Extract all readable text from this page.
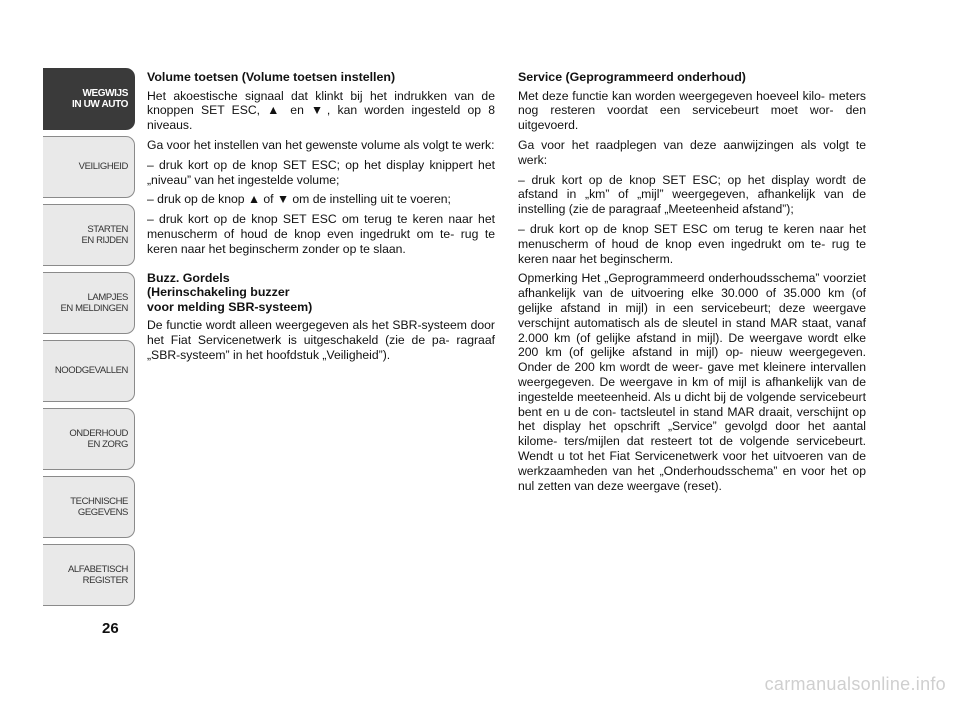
WEGWIJS
IN UW AUTO
VEILIGHEID
STARTEN
EN RIJDEN
LAMPJES
EN MELDINGEN
NOODGEVALLEN
ONDERHOUD
EN ZORG
TECHNISCHE
GEGEVENS
ALFABETISCH
REGISTER
26
Volume toetsen (Volume toetsen instellen)

Het akoestische signaal dat klinkt bij het indrukken van de knoppen SET ESC, ▲ en ▼, kan worden ingesteld op 8 niveaus.

Ga voor het instellen van het gewenste volume als volgt te werk:

– druk kort op de knop SET ESC; op het display knippert het „niveau” van het ingestelde volume;

– druk op de knop ▲ of ▼ om de instelling uit te voeren;

– druk kort op de knop SET ESC om terug te keren naar het menuscherm of houd de knop even ingedrukt om te- rug te keren naar het beginscherm zonder op te slaan.

Buzz. Gordels
(Herinschakeling buzzer
voor melding SBR-systeem)

De functie wordt alleen weergegeven als het SBR-systeem door het Fiat Servicenetwerk is uitgeschakeld (zie de pa- ragraaf „SBR-systeem” in het hoofdstuk „Veiligheid”).

Service (Geprogrammeerd onderhoud)

Met deze functie kan worden weergegeven hoeveel kilo- meters nog resteren voordat een servicebeurt moet wor- den uitgevoerd.

Ga voor het raadplegen van deze aanwijzingen als volgt te werk:

– druk kort op de knop SET ESC; op het display wordt de afstand in „km” of „mijl” weergegeven, afhankelijk van de instelling (zie de paragraaf „Meeteenheid afstand”);

– druk kort op de knop SET ESC om terug te keren naar het menuscherm of houd de knop even ingedrukt om te- rug te keren naar het beginscherm.

Opmerking Het „Geprogrammeerd onderhoudsschema” voorziet afhankelijk van de uitvoering elke 30.000 of 35.000 km (of gelijke afstand in mijl) in een servicebeurt; deze weergave verschijnt automatisch als de sleutel in stand MAR staat, vanaf 2.000 km (of gelijke afstand in mijl). De weergave wordt elke 200 km (of gelijke afstand in mijl) op- nieuw weergegeven. Onder de 200 km wordt de weer- gave met kleinere intervallen weergegeven. De weergave in km of mijl is afhankelijk van de ingestelde meeteenheid. Als u dicht bij de volgende servicebeurt bent en u de con- tactsleutel in stand MAR draait, verschijnt op het display het opschrift „Service” gevolgd door het aantal kilome- ters/mijlen dat resteert tot de volgende servicebeurt. Wendt u tot het Fiat Servicenetwerk voor het uitvoeren van de werkzaamheden van het „Onderhoudsschema” en voor het op nul zetten van deze weergave (reset).

carmanualsonline.info
